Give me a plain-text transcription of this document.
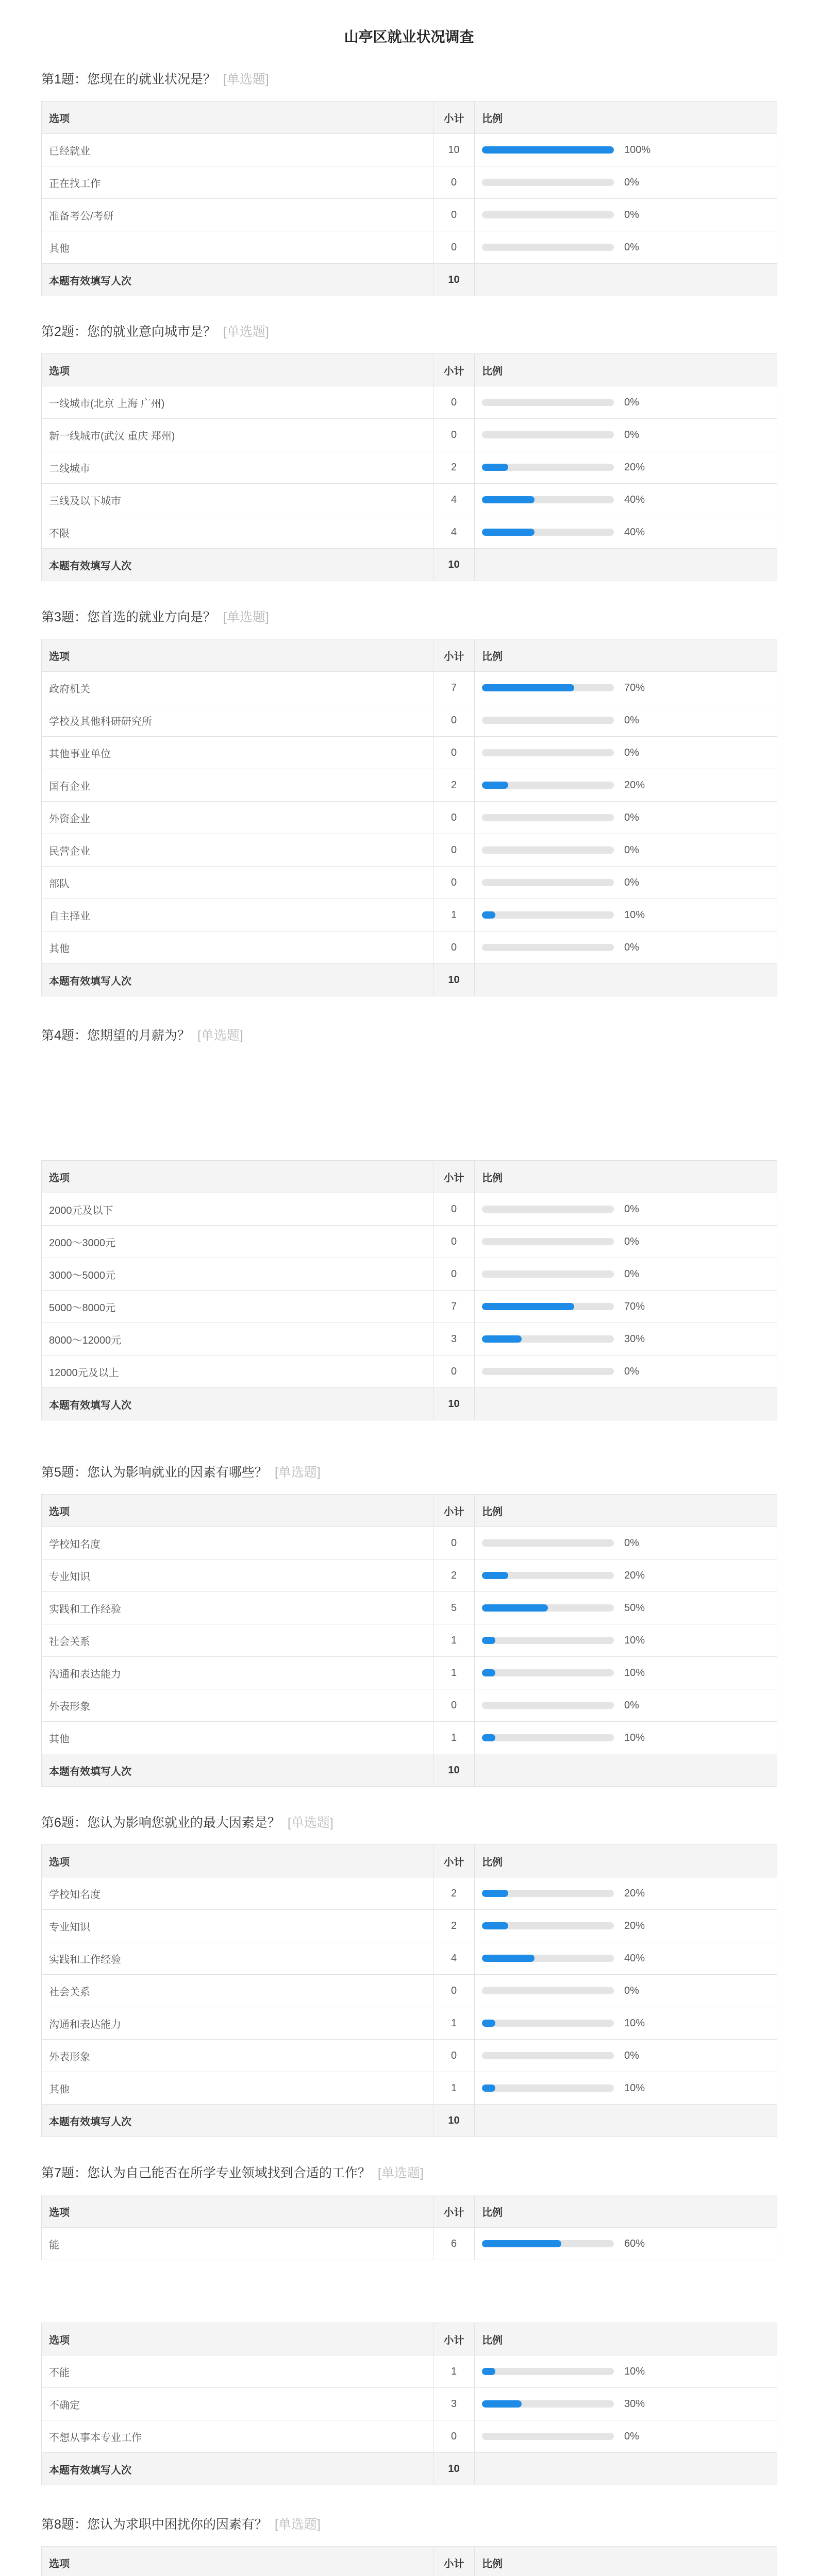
山亭区就业状况调查
第1题：您现在的就业状况是？ [单选题]
选项	小计	比例
已经就业	10	100%

正在找工作	0	0%

准备考公/考研	0	0%

其他	0	0%

本题有效填写人次	10	
第2题：您的就业意向城市是？ [单选题]
选项	小计	比例
一线城市(北京 上海 广州)	0	0%

新一线城市(武汉 重庆 郑州)	0	0%

二线城市	2	20%

三线及以下城市	4	40%

不限	4	40%

本题有效填写人次	10	
第3题：您首选的就业方向是？ [单选题]
选项	小计	比例
政府机关	7	70%

学校及其他科研研究所	0	0%

其他事业单位	0	0%

国有企业	2	20%

外资企业	0	0%

民营企业	0	0%

部队	0	0%

自主择业	1	10%

其他	0	0%

本题有效填写人次	10	
第4题：您期望的月薪为？ [单选题]
选项	小计	比例
2000元及以下	0	0%

2000～3000元	0	0%

3000～5000元	0	0%

5000～8000元	7	70%

8000～12000元	3	30%

12000元及以上	0	0%

本题有效填写人次	10	
第5题：您认为影响就业的因素有哪些？ [单选题]
选项	小计	比例
学校知名度	0	0%

专业知识	2	20%

实践和工作经验	5	50%

社会关系	1	10%

沟通和表达能力	1	10%

外表形象	0	0%

其他	1	10%

本题有效填写人次	10	
第6题：您认为影响您就业的最大因素是？ [单选题]
选项	小计	比例
学校知名度	2	20%

专业知识	2	20%

实践和工作经验	4	40%

社会关系	0	0%

沟通和表达能力	1	10%

外表形象	0	0%

其他	1	10%

本题有效填写人次	10	
第7题：您认为自己能否在所学专业领域找到合适的工作？ [单选题]
选项	小计	比例
能	6	60%
选项	小计	比例
不能	1	10%

不确定	3	30%

不想从事本专业工作	0	0%

本题有效填写人次	10	
第8题：您认为求职中困扰你的因素有？ [单选题]
选项	小计	比例
